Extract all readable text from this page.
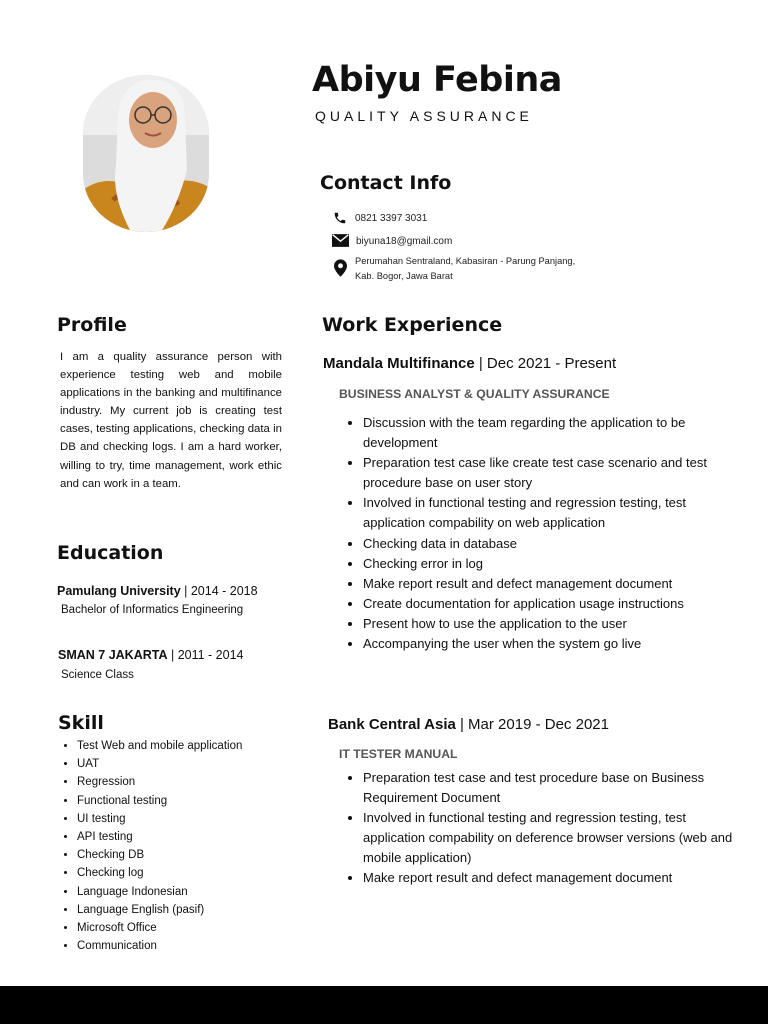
Abiyu Febina
QUALITY ASSURANCE
Contact Info
0821 3397 3031
biyuna18@gmail.com
Perumahan Sentraland, Kabasiran - Parung Panjang,
Kab. Bogor, Jawa Barat
Profile
I am a quality assurance person with experience testing web and mobile applications in the banking and multifinance industry. My current job is creating test cases, testing applications, checking data in DB and checking logs. I am a hard worker, willing to try, time management, work ethic and can work in a team.
Education
Pamulang University | 2014 - 2018
Bachelor of Informatics Engineering
SMAN 7 JAKARTA | 2011 - 2014
Science Class
Skill
• Test Web and mobile application
• UAT
• Regression
• Functional testing
• UI testing
• API testing
• Checking DB
• Checking log
• Language Indonesian
• Language English (pasif)
• Microsoft Office
• Communication
Work Experience
Mandala Multifinance | Dec 2021 - Present
BUSINESS ANALYST & QUALITY ASSURANCE
• Discussion with the team regarding the application to be development
• Preparation test case like create test case scenario and test procedure base on user story
• Involved in functional testing and regression testing, test application compability on web application
• Checking data in database
• Checking error in log
• Make report result and defect management document
• Create documentation for application usage instructions
• Present how to use the application to the user
• Accompanying the user when the system go live
Bank Central Asia | Mar 2019 - Dec 2021
IT TESTER MANUAL
• Preparation test case and test procedure base on Business Requirement Document
• Involved in functional testing and regression testing, test application compability on deference browser versions (web and mobile application)
• Make report result and defect management document
